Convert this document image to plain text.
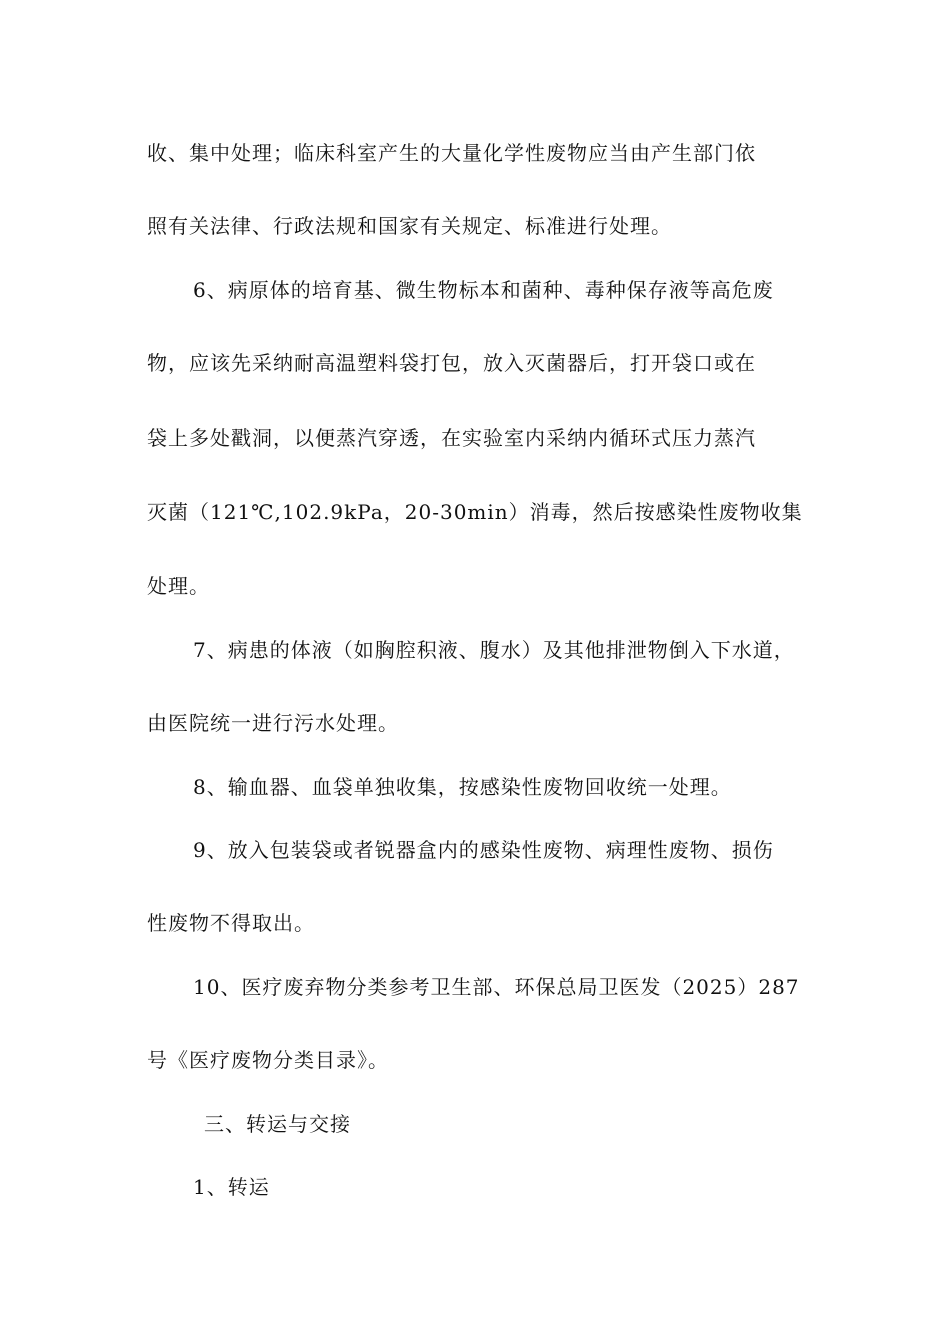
收、集中处理；临床科室产生的大量化学性废物应当由产生部门依
照有关法律、行政法规和国家有关规定、标准进行处理。
6、病原体的培育基、微生物标本和菌种、毒种保存液等高危废
物，应该先采纳耐高温塑料袋打包，放入灭菌器后，打开袋口或在
袋上多处戳洞，以便蒸汽穿透，在实验室内采纳内循环式压力蒸汽
灭菌（121℃,102.9kPa，20-30min）消毒，然后按感染性废物收集
处理。
7、病患的体液（如胸腔积液、腹水）及其他排泄物倒入下水道，
由医院统一进行污水处理。
8、输血器、血袋单独收集，按感染性废物回收统一处理。
9、放入包装袋或者锐器盒内的感染性废物、病理性废物、损伤
性废物不得取出。
10、医疗废弃物分类参考卫生部、环保总局卫医发（2025）287
号《医疗废物分类目录》。
三、转运与交接
1、转运
